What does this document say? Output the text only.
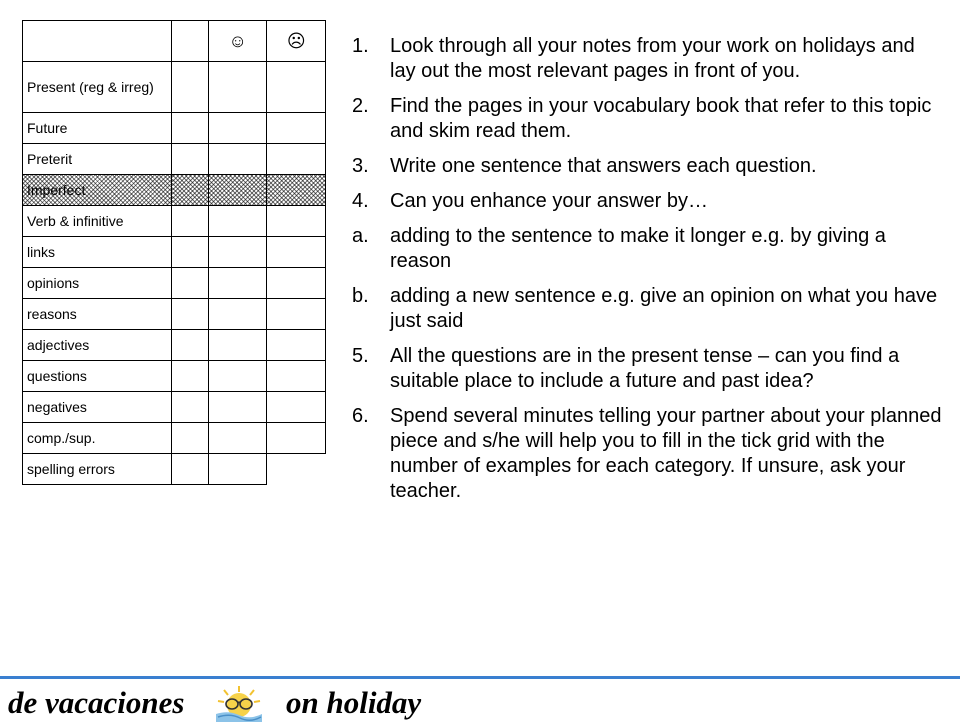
		☺	☹
Present (reg & irreg)			
Future			
Preterit			
Imperfect			
Verb & infinitive			
links			
opinions			
reasons			
adjectives			
questions			
negatives			
comp./sup.			
spelling errors			
1. Look through all your notes from your work on holidays and lay out the most relevant pages in front of you.
2. Find the pages in your vocabulary book that refer to this topic and skim read them.
3. Write one sentence that answers each question.
4. Can you enhance your answer by…
a. adding to the sentence to make it longer e.g. by giving a reason
b. adding a new sentence e.g. give an opinion on what you have just said
5. All the questions are in the present tense – can you find a suitable place to include a future and past idea?
6. Spend several minutes telling your partner about your planned piece and s/he will help you to fill in the tick grid with the number of examples for each category. If unsure, ask your teacher.
de vacaciones	on holiday
